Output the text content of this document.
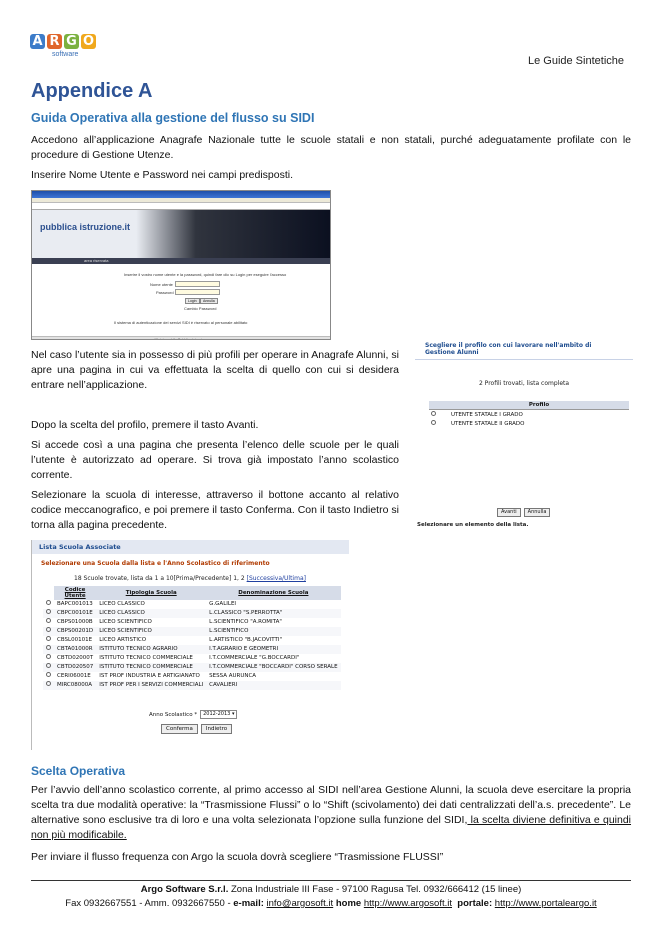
A R G O
software
Le Guide Sintetiche
Appendice A
Guida Operativa alla gestione del flusso su SIDI

Accedono all’applicazione Anagrafe Nazionale tutte le scuole statali e non statali, purché adeguatamente profilate con le procedure di Gestione Utenze.

Inserire Nome Utente e Password nei campi predisposti.

pubblica istruzione.it
area riservata
Inserire il vostro nome utente e la password, quindi fare clic su Login per eseguire l'accesso
Nome utente
Password
Login	Annulla
Cambio Password
Il sistema di autenticazione dei servizi SIDI è riservato al personale abilitato
Ministero della Pubblica Istruzione

Nel caso l’utente sia in possesso di più profili per operare in Anagrafe Alunni, si apre una pagina in cui va effettuata la scelta di quello con cui si desidera entrare nell’applicazione.

Dopo la scelta del profilo, premere il tasto Avanti.

Si accede così a una pagina che presenta l’elenco delle scuole per le quali l’utente è autorizzato ad operare. Si trova già impostato l’anno scolastico corrente.

Selezionare la scuola di interesse, attraverso il bottone accanto al relativo codice meccanografico, e poi premere il tasto Conferma. Con il tasto Indietro si torna alla pagina precedente.

Scegliere il profilo con cui lavorare nell'ambito di Gestione Alunni
2 Profili trovati, lista completa
	Profilo
	UTENTE STATALE I GRADO
	UTENTE STATALE II GRADO
Avanti	Annulla
Selezionare un elemento della lista.
Lista Scuola Associate
Selezionare una Scuola dalla lista e l'Anno Scolastico di riferimento
18 Scuole trovate, lista da 1 a 10[Prima/Precedente] 1, 2 [Successiva/Ultima]
	Codice Utente	Tipologia Scuola	Denominazione Scuola
	BAPC001013	LICEO CLASSICO	G.GALILEI
	CBPC00101E	LICEO CLASSICO	L.CLASSICO "S.PERROTTA"
	CBPS01000B	LICEO SCIENTIFICO	L.SCIENTIFICO "A.ROMITA"
	CBPS00201D	LICEO SCIENTIFICO	L.SCIENTIFICO
	CBSL00101E	LICEO ARTISTICO	L.ARTISTICO "B.JACOVITTI"
	CBTA01000R	ISTITUTO TECNICO AGRARIO	I.T.AGRARIO E GEOMETRI
	CBTD02000T	ISTITUTO TECNICO COMMERCIALE	I.T.COMMERCIALE "G.BOCCARDI"
	CBTD020507	ISTITUTO TECNICO COMMERCIALE	I.T.COMMERCIALE "BOCCARDI" CORSO SERALE
	CERI06001E	IST PROF INDUSTRIA E ARTIGIANATO	SESSA AURUNCA
	MIRC08000A	IST PROF PER I SERVIZI COMMERCIALI	CAVALIERI
Anno Scolastico *	2012-2013 ▾
Conferma	Indietro
Scelta Operativa

Per l’avvio dell’anno scolastico corrente, al primo accesso al SIDI nell’area Gestione Alunni, la scuola deve esercitare la propria scelta tra due modalità operative: la “Trasmissione Flussi” o lo “Shift (scivolamento) dei dati centralizzati dell’a.s. precedente”. Le alternative sono esclusive tra di loro e una volta selezionata l’opzione sulla funzione del SIDI, la scelta diviene definitiva e quindi non più modificabile.

Per inviare il flusso frequenza con Argo la scuola dovrà scegliere “Trasmissione FLUSSI”

Argo Software S.r.l. Zona Industriale III Fase - 97100 Ragusa Tel. 0932/666412 (15 linee)
Fax 0932667551 - Amm. 0932667550 - e-mail: info@argosoft.it home http://www.argosoft.it portale: http://www.portaleargo.it
